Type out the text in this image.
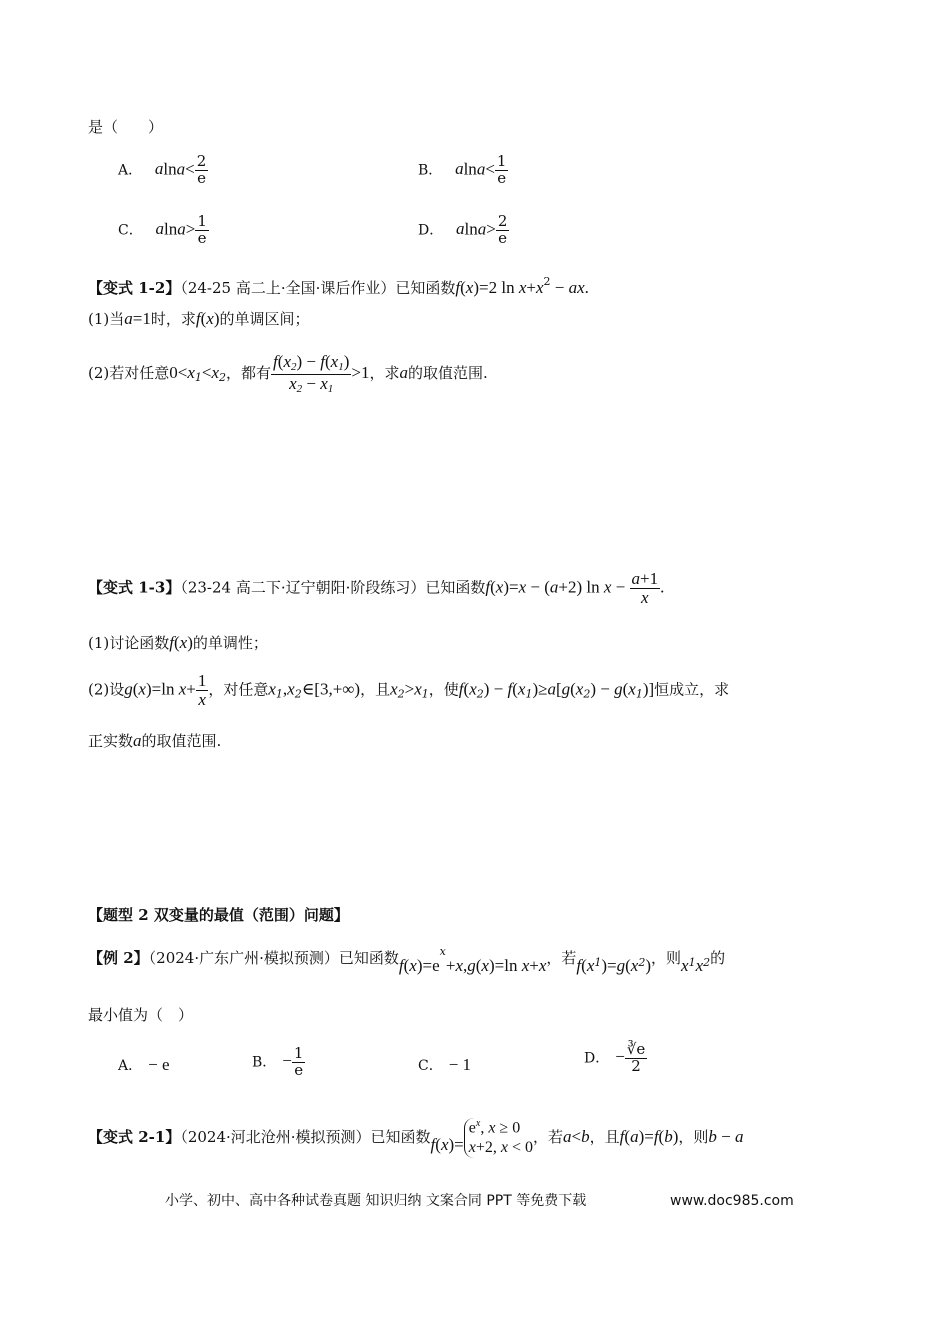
是（　　）
A． $alna< \frac{2}{e}$	B． $alna< \frac{1}{e}$
C． $alna> \frac{1}{e}$	D． $alna> \frac{2}{e}$
【变式 1-2】（24-25 高二上·全国·课后作业）已知函数f(x)=2 $\ln x+x^2$ − ax.
(1)当a=1时，求f(x)的单调区间；
(2)若对任意$0<x_1<x_2$，都有 $\frac{f(x_2) - f(x_1)}{x_2 - x_1} >1$，求a的取值范围.
【变式 1-3】（23-24 高二下·辽宁朝阳·阶段练习）已知函数f(x)=x − (a+2) $\ln x - \frac{a+1}{x}$ .
(1)讨论函数f(x)的单调性；
(2)设g(x)=ln $x+ \frac{1}{x}$ ，对任意$x_1,x_2\in[3,+\infty)$，且$x_2>x_1$，使$f(x_2) - f(x_1)\ge a[g(x_2) - g(x_1)]$恒成立，求
正实数a的取值范围.
【题型 2 双变量的最值（范围）问题】
【例 2】（2024·广东广州·模拟预测）已知函数$f(x)=e^x+x,g(x)=\ln$ x+x，若$f(x_1)=g(x_2)$，则$x_1x_2$的
最小值为（　）
A． − e	B． − $\frac{1}{e}$	C． − 1	D． − $\frac{∛e}{2}$
【变式 2-1】（2024·河北沧州·模拟预测）已知函数f(x)=
$e^x$, x ≥ 0
x+2, x < 0
，若a<b，且f(a)=f(b)，则b − a
小学、初中、高中各种试卷真题 知识归纳 文案合同 PPT 等免费下载	www.doc985.com
